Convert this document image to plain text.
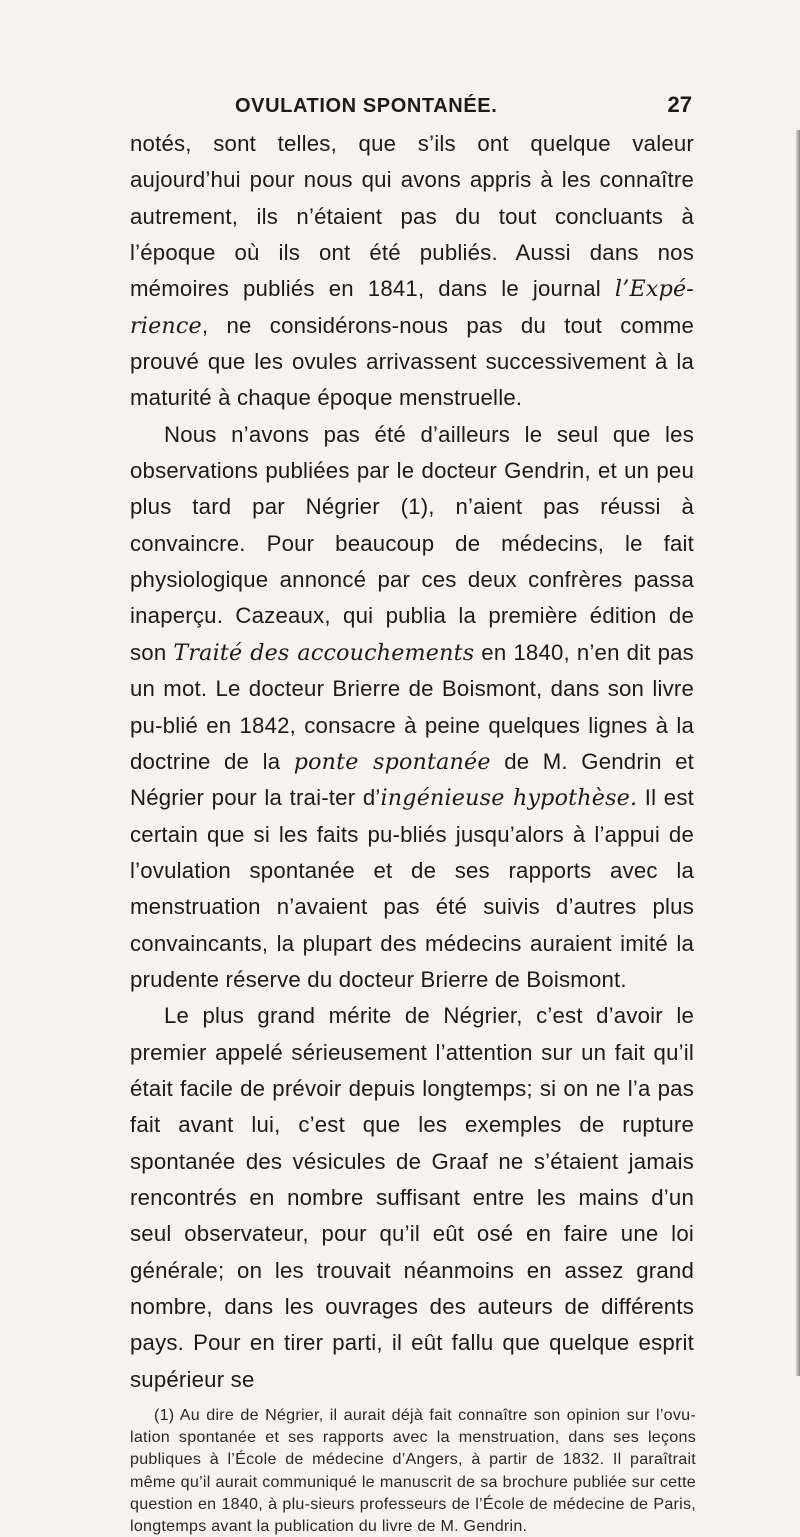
OVULATION SPONTANÉE.	27

notés, sont telles, que s’ils ont quelque valeur aujourd’hui pour nous qui avons appris à les connaître autrement, ils n’étaient pas du tout concluants à l’époque où ils ont été publiés. Aussi dans nos mémoires publiés en 1841, dans le journal l’Expé-rience, ne considérons-nous pas du tout comme prouvé que les ovules arrivassent successivement à la maturité à chaque époque menstruelle.

Nous n’avons pas été d’ailleurs le seul que les observations publiées par le docteur Gendrin, et un peu plus tard par Négrier (1), n’aient pas réussi à convaincre. Pour beaucoup de médecins, le fait physiologique annoncé par ces deux confrères passa inaperçu. Cazeaux, qui publia la première édition de son Traité des accouchements en 1840, n’en dit pas un mot. Le docteur Brierre de Boismont, dans son livre pu-blié en 1842, consacre à peine quelques lignes à la doctrine de la ponte spontanée de M. Gendrin et Négrier pour la trai-ter d’ingénieuse hypothèse. Il est certain que si les faits pu-bliés jusqu’alors à l’appui de l’ovulation spontanée et de ses rapports avec la menstruation n’avaient pas été suivis d’autres plus convaincants, la plupart des médecins auraient imité la prudente réserve du docteur Brierre de Boismont.

Le plus grand mérite de Négrier, c’est d’avoir le premier appelé sérieusement l’attention sur un fait qu’il était facile de prévoir depuis longtemps; si on ne l’a pas fait avant lui, c’est que les exemples de rupture spontanée des vésicules de Graaf ne s’étaient jamais rencontrés en nombre suffisant entre les mains d’un seul observateur, pour qu’il eût osé en faire une loi générale; on les trouvait néanmoins en assez grand nombre, dans les ouvrages des auteurs de différents pays. Pour en tirer parti, il eût fallu que quelque esprit supérieur se

(1) Au dire de Négrier, il aurait déjà fait connaître son opinion sur l’ovu-lation spontanée et ses rapports avec la menstruation, dans ses leçons publiques à l’École de médecine d’Angers, à partir de 1832. Il paraîtrait même qu’il aurait communiqué le manuscrit de sa brochure publiée sur cette question en 1840, à plu-sieurs professeurs de l’École de médecine de Paris, longtemps avant la publication du livre de M. Gendrin.
